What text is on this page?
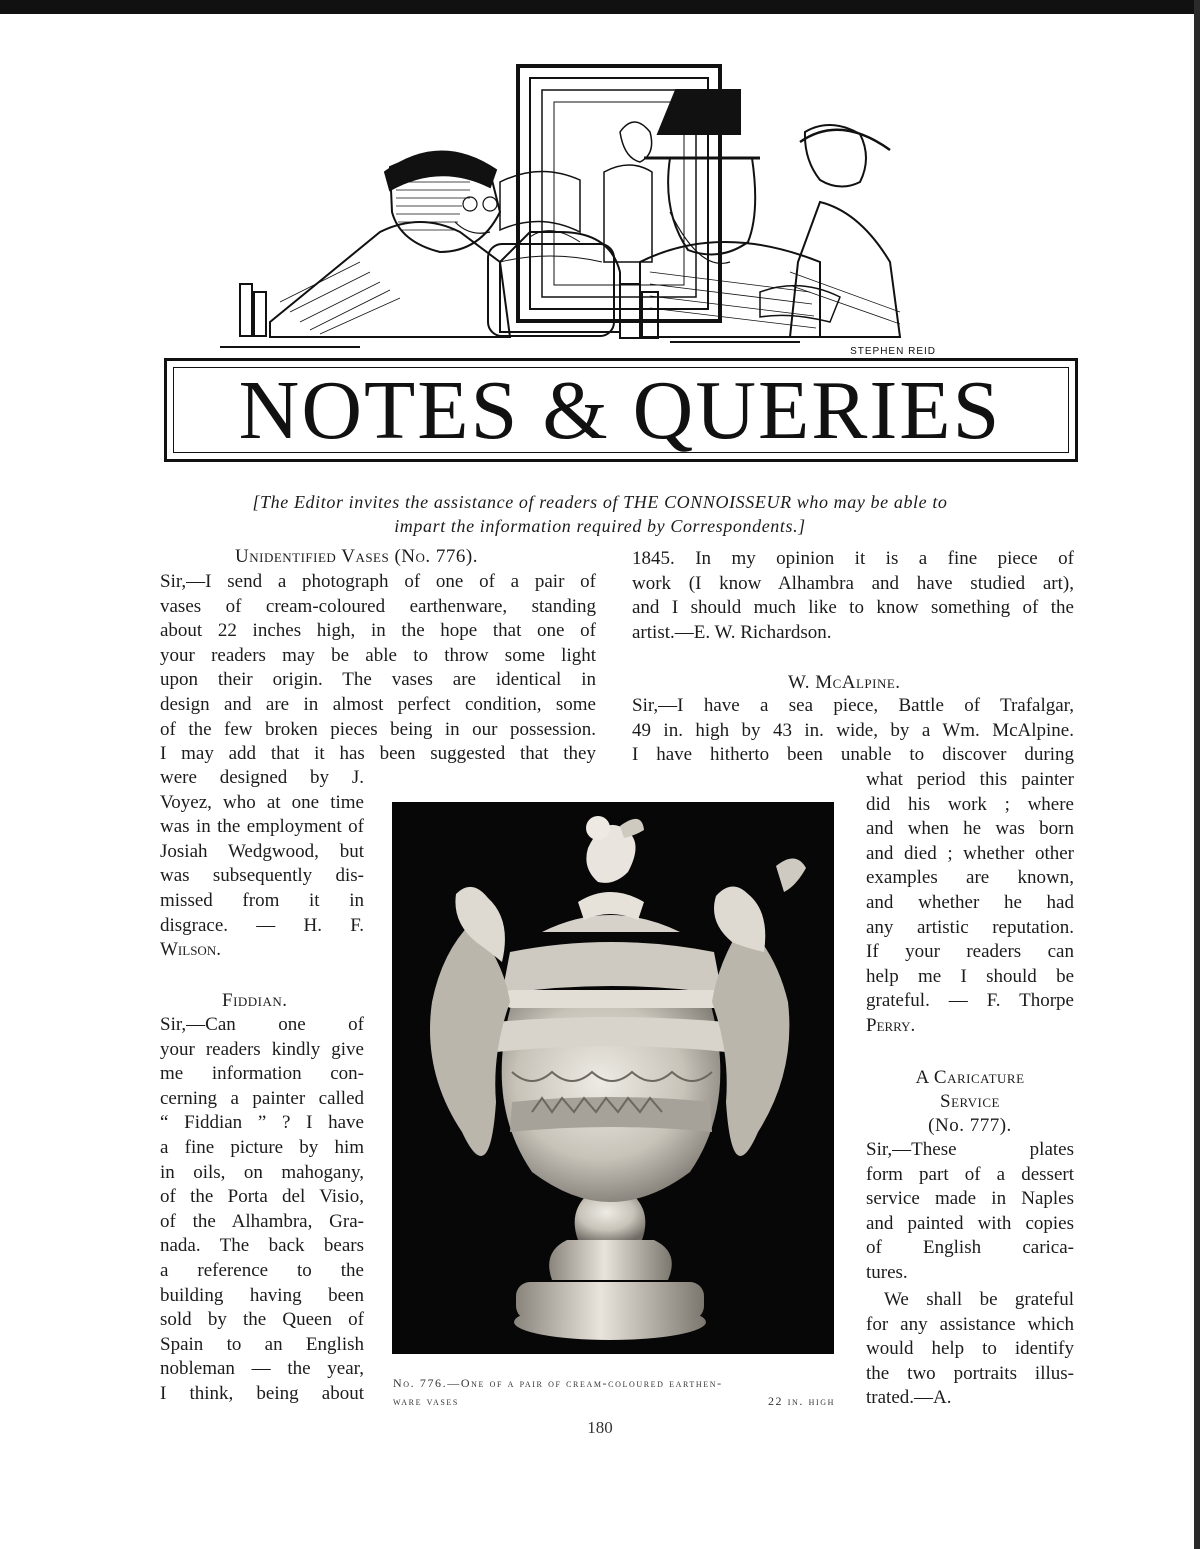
STEPHEN REID
NOTES & QUERIES
[The Editor invites the assistance of readers of THE CONNOISSEUR who may be able to
impart the information required by Correspondents.]
Unidentified Vases (No. 776).

Sir,—I send a photograph of one of a pair of

vases of cream-coloured earthenware, standing

about 22 inches high, in the hope that one of

your readers may be able to throw some light

upon their origin. The vases are identical in

design and are in almost perfect condition, some

of the few broken pieces being in our possession.

I may add that it has been suggested that they

were designed by J.

Voyez, who at one time

was in the employment of

Josiah Wedgwood, but

was subsequently dis-

missed from it in

disgrace. — H. F.

Wilson.

Fiddian.

Sir,—Can one of

your readers kindly give

me information con-

cerning a painter called

“ Fiddian ” ? I have

a fine picture by him

in oils, on mahogany,

of the Porta del Visio,

of the Alhambra, Gra-

nada. The back bears

a reference to the

building having been

sold by the Queen of

Spain to an English

nobleman — the year,

I think, being about

1845. In my opinion it is a fine piece of

work (I know Alhambra and have studied art),

and I should much like to know something of the

artist.—E. W. Richardson.

W. McAlpine.

Sir,—I have a sea piece, Battle of Trafalgar,

49 in. high by 43 in. wide, by a Wm. McAlpine.

I have hitherto been unable to discover during

what period this painter

did his work ; where

and when he was born

and died ; whether other

examples are known,

and whether he had

any artistic reputation.

If your readers can

help me I should be

grateful. — F. Thorpe

Perry.

A Caricature
Service
(No. 777).

Sir,—These plates

form part of a dessert

service made in Naples

and painted with copies

of English carica-

tures.

We shall be grateful

for any assistance which

would help to identify

the two portraits illus-

trated.—A.

No. 776.—One of a pair of cream-coloured earthen-
ware vases	22 in. high
180
